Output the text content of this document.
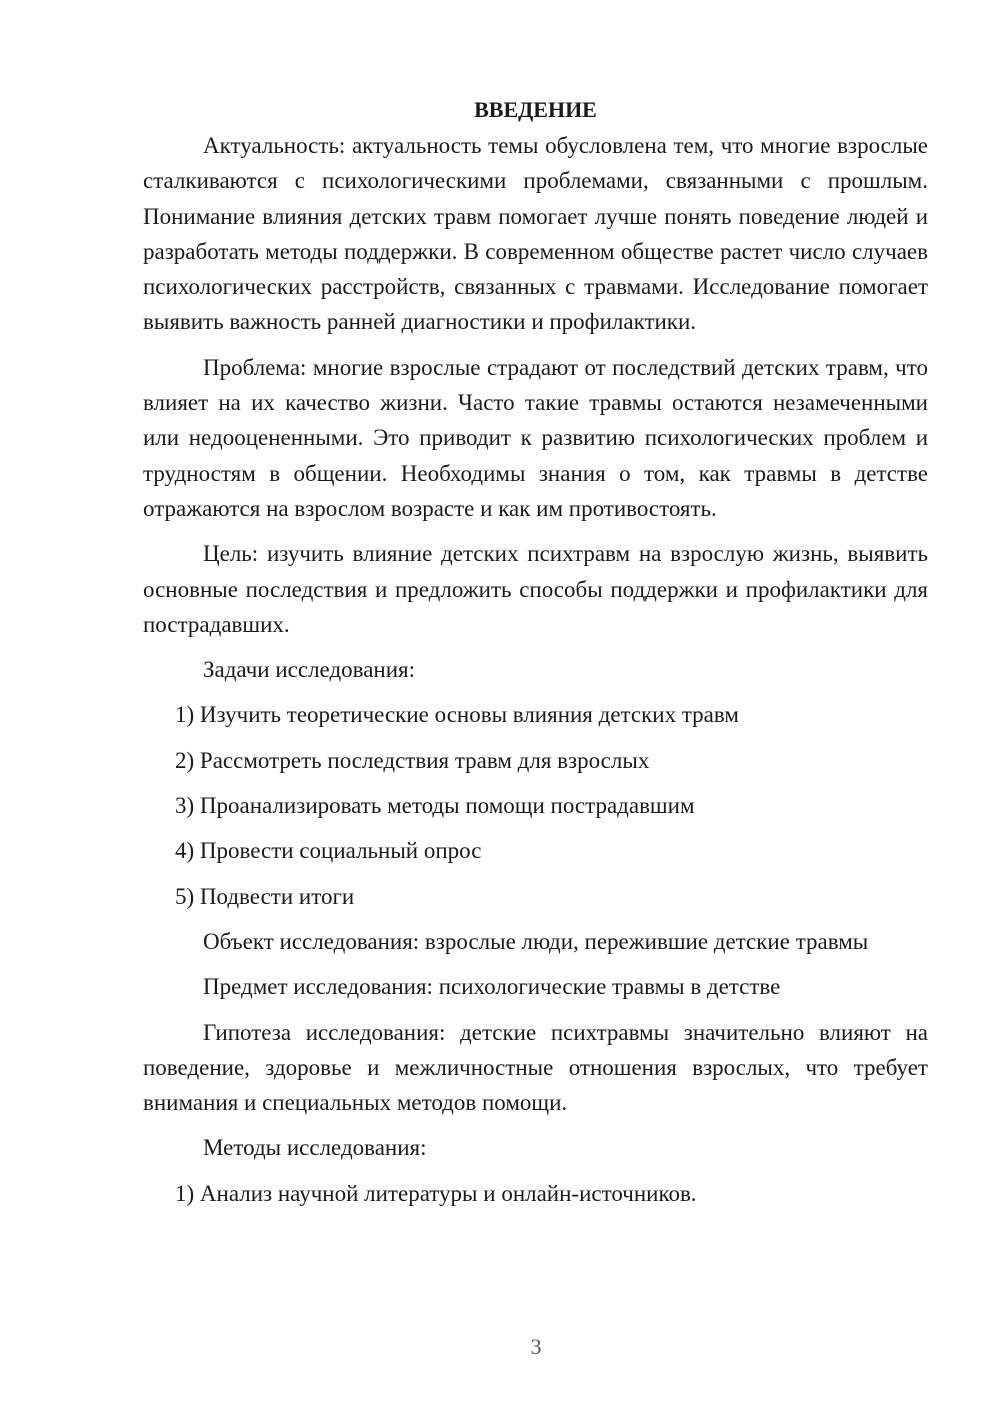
ВВЕДЕНИЕ

Актуальность: актуальность темы обусловлена тем, что многие взрослые сталкиваются с психологическими проблемами, связанными с прошлым. Понимание влияния детских травм помогает лучше понять поведение людей и разработать методы поддержки. В современном обществе растет число случаев психологических расстройств, связанных с травмами. Исследование помогает выявить важность ранней диагностики и профилактики.

Проблема: многие взрослые страдают от последствий детских травм, что влияет на их качество жизни. Часто такие травмы остаются незамеченными или недооцененными. Это приводит к развитию психологических проблем и трудностям в общении. Необходимы знания о том, как травмы в детстве отражаются на взрослом возрасте и как им противостоять.

Цель: изучить влияние детских психтравм на взрослую жизнь, выявить основные последствия и предложить способы поддержки и профилактики для пострадавших.

Задачи исследования:

1) Изучить теоретические основы влияния детских травм
2) Рассмотреть последствия травм для взрослых
3) Проанализировать методы помощи пострадавшим
4) Провести социальный опрос
5) Подвести итоги

Объект исследования: взрослые люди, пережившие детские травмы

Предмет исследования: психологические травмы в детстве

Гипотеза исследования: детские психтравмы значительно влияют на поведение, здоровье и межличностные отношения взрослых, что требует внимания и специальных методов помощи.

Методы исследования:

1) Анализ научной литературы и онлайн-источников.
3
